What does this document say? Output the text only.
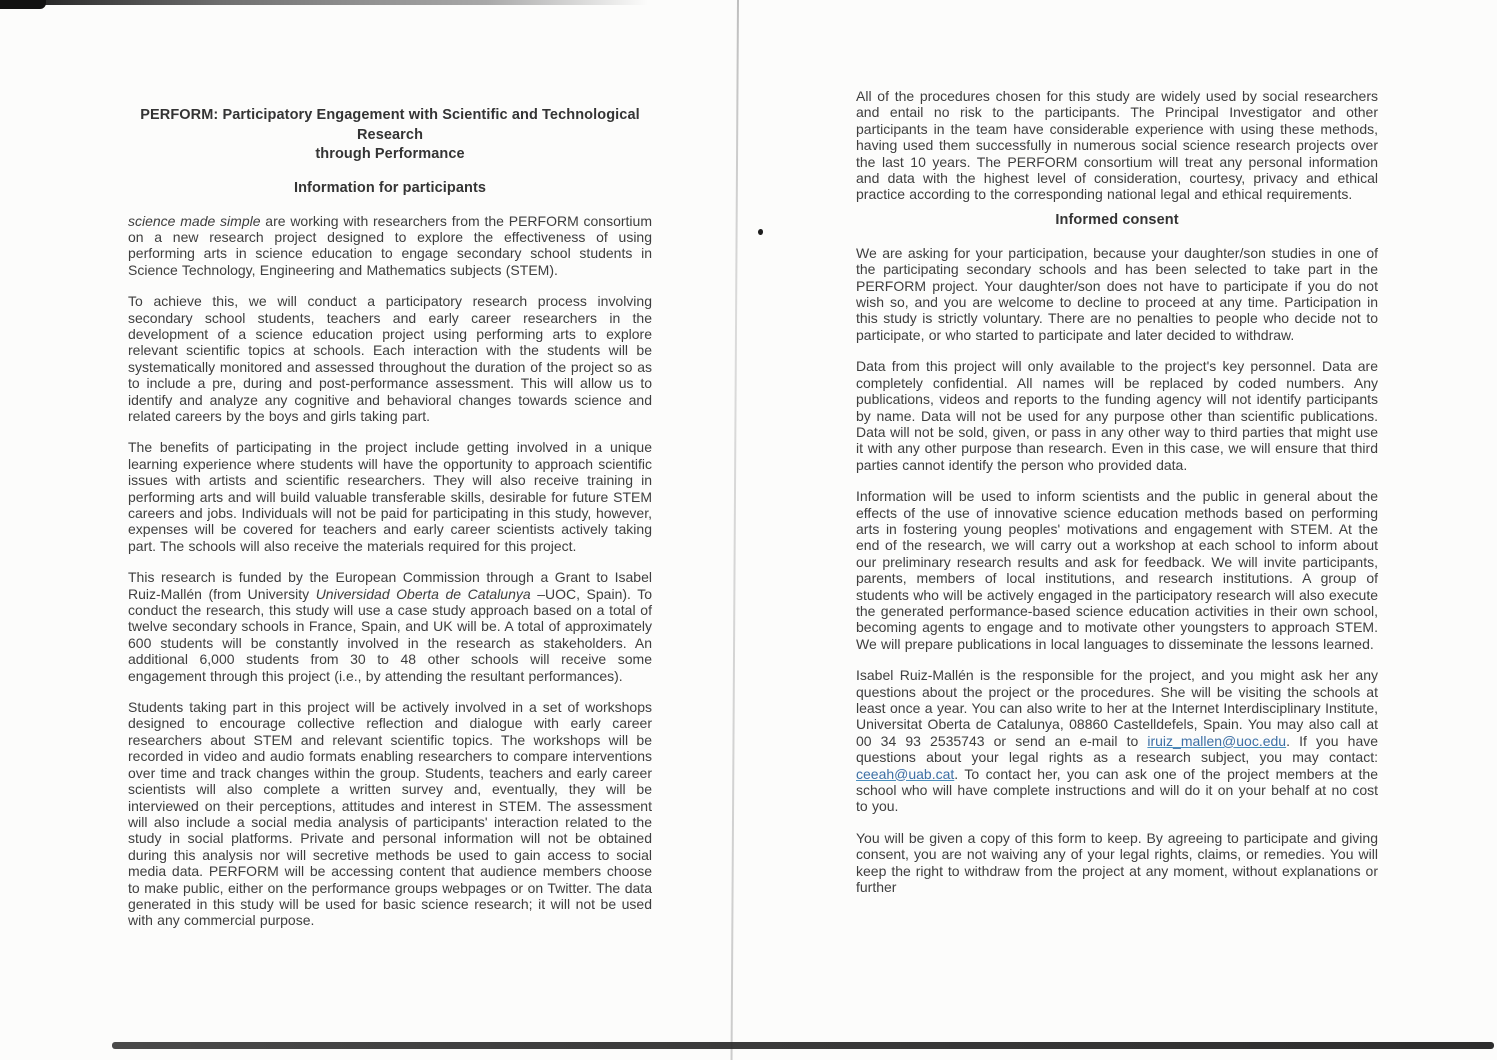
PERFORM: Participatory Engagement with Scientific and Technological Research
through Performance
Information for participants

science made simple are working with researchers from the PERFORM consortium on a new research project designed to explore the effectiveness of using performing arts in science education to engage secondary school students in Science Technology, Engineering and Mathematics subjects (STEM).

To achieve this, we will conduct a participatory research process involving secondary school students, teachers and early career researchers in the development of a science education project using performing arts to explore relevant scientific topics at schools. Each interaction with the students will be systematically monitored and assessed throughout the duration of the project so as to include a pre, during and post-performance assessment. This will allow us to identify and analyze any cognitive and behavioral changes towards science and related careers by the boys and girls taking part.

The benefits of participating in the project include getting involved in a unique learning experience where students will have the opportunity to approach scientific issues with artists and scientific researchers. They will also receive training in performing arts and will build valuable transferable skills, desirable for future STEM careers and jobs. Individuals will not be paid for participating in this study, however, expenses will be covered for teachers and early career scientists actively taking part. The schools will also receive the materials required for this project.

This research is funded by the European Commission through a Grant to Isabel Ruiz-Mallén (from University Universidad Oberta de Catalunya –UOC, Spain). To conduct the research, this study will use a case study approach based on a total of twelve secondary schools in France, Spain, and UK will be. A total of approximately 600 students will be constantly involved in the research as stakeholders. An additional 6,000 students from 30 to 48 other schools will receive some engagement through this project (i.e., by attending the resultant performances).

Students taking part in this project will be actively involved in a set of workshops designed to encourage collective reflection and dialogue with early career researchers about STEM and relevant scientific topics. The workshops will be recorded in video and audio formats enabling researchers to compare interventions over time and track changes within the group. Students, teachers and early career scientists will also complete a written survey and, eventually, they will be interviewed on their perceptions, attitudes and interest in STEM. The assessment will also include a social media analysis of participants' interaction related to the study in social platforms. Private and personal information will not be obtained during this analysis nor will secretive methods be used to gain access to social media data. PERFORM will be accessing content that audience members choose to make public, either on the performance groups webpages or on Twitter. The data generated in this study will be used for basic science research; it will not be used with any commercial purpose.

All of the procedures chosen for this study are widely used by social researchers and entail no risk to the participants. The Principal Investigator and other participants in the team have considerable experience with using these methods, having used them successfully in numerous social science research projects over the last 10 years. The PERFORM consortium will treat any personal information and data with the highest level of consideration, courtesy, privacy and ethical practice according to the corresponding national legal and ethical requirements.

Informed consent

We are asking for your participation, because your daughter/son studies in one of the participating secondary schools and has been selected to take part in the PERFORM project. Your daughter/son does not have to participate if you do not wish so, and you are welcome to decline to proceed at any time. Participation in this study is strictly voluntary. There are no penalties to people who decide not to participate, or who started to participate and later decided to withdraw.

Data from this project will only available to the project's key personnel. Data are completely confidential. All names will be replaced by coded numbers. Any publications, videos and reports to the funding agency will not identify participants by name. Data will not be used for any purpose other than scientific publications. Data will not be sold, given, or pass in any other way to third parties that might use it with any other purpose than research. Even in this case, we will ensure that third parties cannot identify the person who provided data.

Information will be used to inform scientists and the public in general about the effects of the use of innovative science education methods based on performing arts in fostering young peoples' motivations and engagement with STEM. At the end of the research, we will carry out a workshop at each school to inform about our preliminary research results and ask for feedback. We will invite participants, parents, members of local institutions, and research institutions. A group of students who will be actively engaged in the participatory research will also execute the generated performance-based science education activities in their own school, becoming agents to engage and to motivate other youngsters to approach STEM. We will prepare publications in local languages to disseminate the lessons learned.

Isabel Ruiz-Mallén is the responsible for the project, and you might ask her any questions about the project or the procedures. She will be visiting the schools at least once a year. You can also write to her at the Internet Interdisciplinary Institute, Universitat Oberta de Catalunya, 08860 Castelldefels, Spain. You may also call at 00 34 93 2535743 or send an e-mail to iruiz_mallen@uoc.edu. If you have questions about your legal rights as a research subject, you may contact: ceeah@uab.cat. To contact her, you can ask one of the project members at the school who will have complete instructions and will do it on your behalf at no cost to you.

You will be given a copy of this form to keep. By agreeing to participate and giving consent, you are not waiving any of your legal rights, claims, or remedies. You will keep the right to withdraw from the project at any moment, without explanations or further
